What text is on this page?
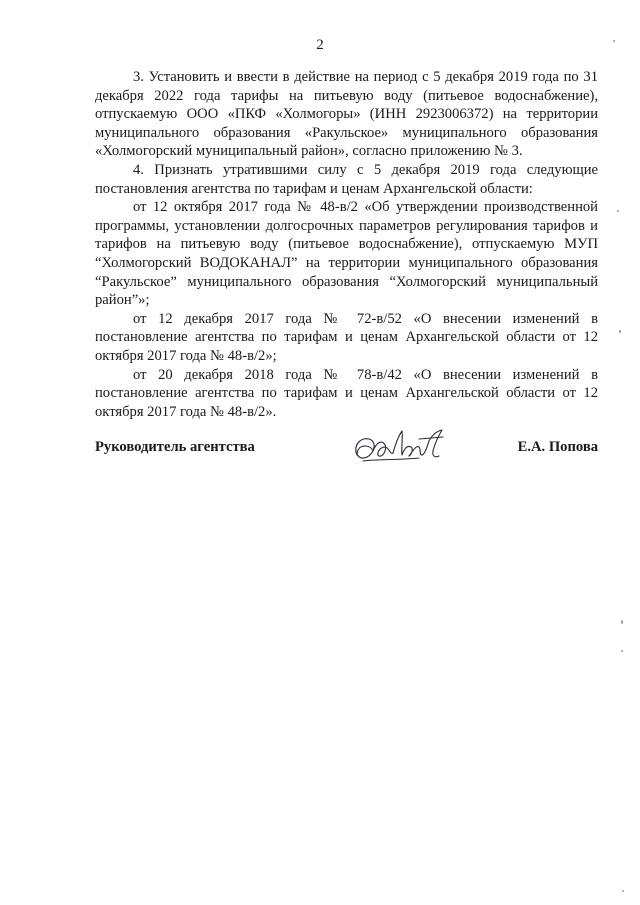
2

3. Установить и ввести в действие на период с 5 декабря 2019 года по 31 декабря 2022 года тарифы на питьевую воду (питьевое водоснабжение), отпускаемую ООО «ПКФ «Холмогоры» (ИНН 2923006372) на территории муниципального образования «Ракульское» муниципального образования «Холмогорский муниципальный район», согласно приложению № 3.

4. Признать утратившими силу с 5 декабря 2019 года следующие постановления агентства по тарифам и ценам Архангельской области:

от 12 октября 2017 года № 48-в/2 «Об утверждении производственной программы, установлении долгосрочных параметров регулирования тарифов и тарифов на питьевую воду (питьевое водоснабжение), отпускаемую МУП “Холмогорский ВОДОКАНАЛ” на территории муниципального образования “Ракульское” муниципального образования “Холмогорский муниципальный район”»;

от 12 декабря 2017 года № 72-в/52 «О внесении изменений в постановление агентства по тарифам и ценам Архангельской области от 12 октября 2017 года № 48-в/2»;

от 20 декабря 2018 года № 78-в/42 «О внесении изменений в постановление агентства по тарифам и ценам Архангельской области от 12 октября 2017 года № 48-в/2».

Руководитель агентства	Е.А. Попова
